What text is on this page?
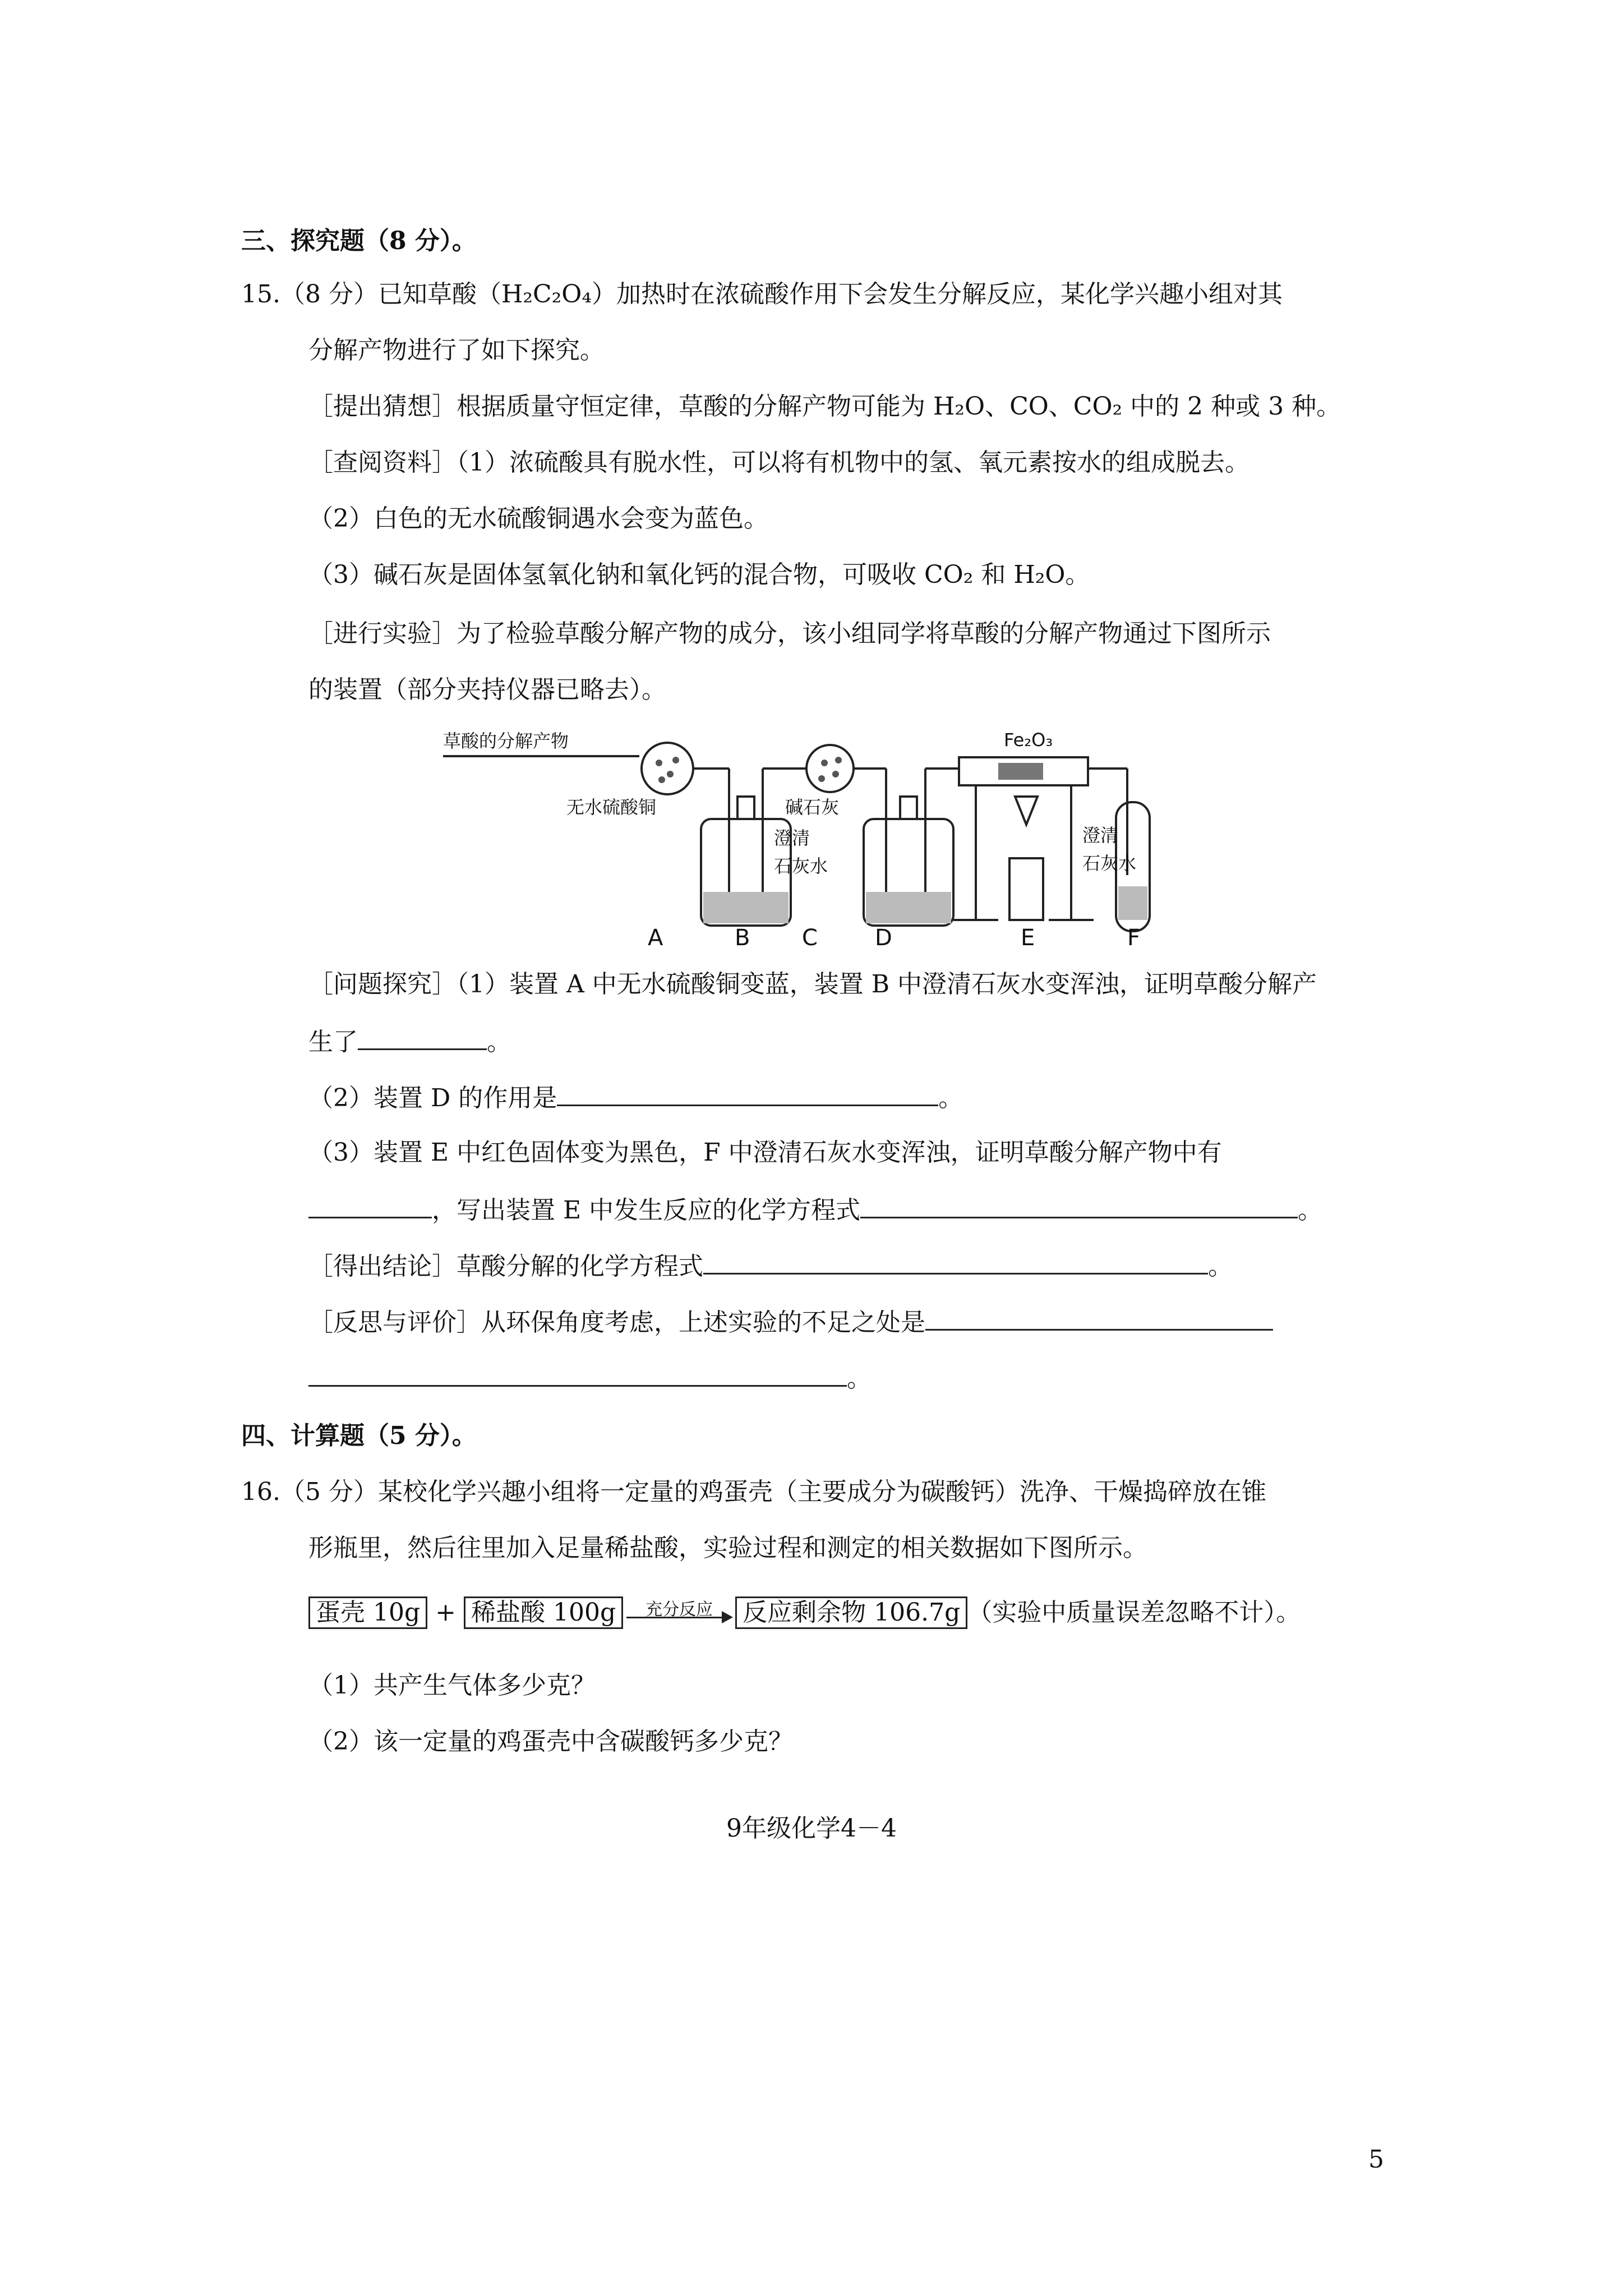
三、探究题（8 分）。
15.（8 分）已知草酸（H₂C₂O₄）加热时在浓硫酸作用下会发生分解反应，某化学兴趣小组对其
分解产物进行了如下探究。
［提出猜想］根据质量守恒定律，草酸的分解产物可能为 H₂O、CO、CO₂ 中的 2 种或 3 种。
［查阅资料］（1）浓硫酸具有脱水性，可以将有机物中的氢、氧元素按水的组成脱去。
（2）白色的无水硫酸铜遇水会变为蓝色。
（3）碱石灰是固体氢氧化钠和氧化钙的混合物，可吸收 CO₂ 和 H₂O。
［进行实验］为了检验草酸分解产物的成分，该小组同学将草酸的分解产物通过下图所示
的装置（部分夹持仪器已略去）。
草酸的分解产物
无水硫酸铜	碱石灰
澄清
石灰水
Fe₂O₃
澄清
石灰水
A	B C	D	E	F
［问题探究］（1）装置 A 中无水硫酸铜变蓝，装置 B 中澄清石灰水变浑浊，证明草酸分解产
生了	。
（2）装置 D 的作用是	。
（3）装置 E 中红色固体变为黑色，F 中澄清石灰水变浑浊，证明草酸分解产物中有
，写出装置 E 中发生反应的化学方程式	。
［得出结论］草酸分解的化学方程式	。
［反思与评价］从环保角度考虑，上述实验的不足之处是
。
四、计算题（5 分）。
16.（5 分）某校化学兴趣小组将一定量的鸡蛋壳（主要成分为碳酸钙）洗净、干燥捣碎放在锥
形瓶里，然后往里加入足量稀盐酸，实验过程和测定的相关数据如下图所示。
蛋壳 10g + 稀盐酸 100g	充分反应	反应剩余物 106.7g （实验中质量误差忽略不计）。
（1）共产生气体多少克？
（2）该一定量的鸡蛋壳中含碳酸钙多少克？
9年级化学4－4
5
